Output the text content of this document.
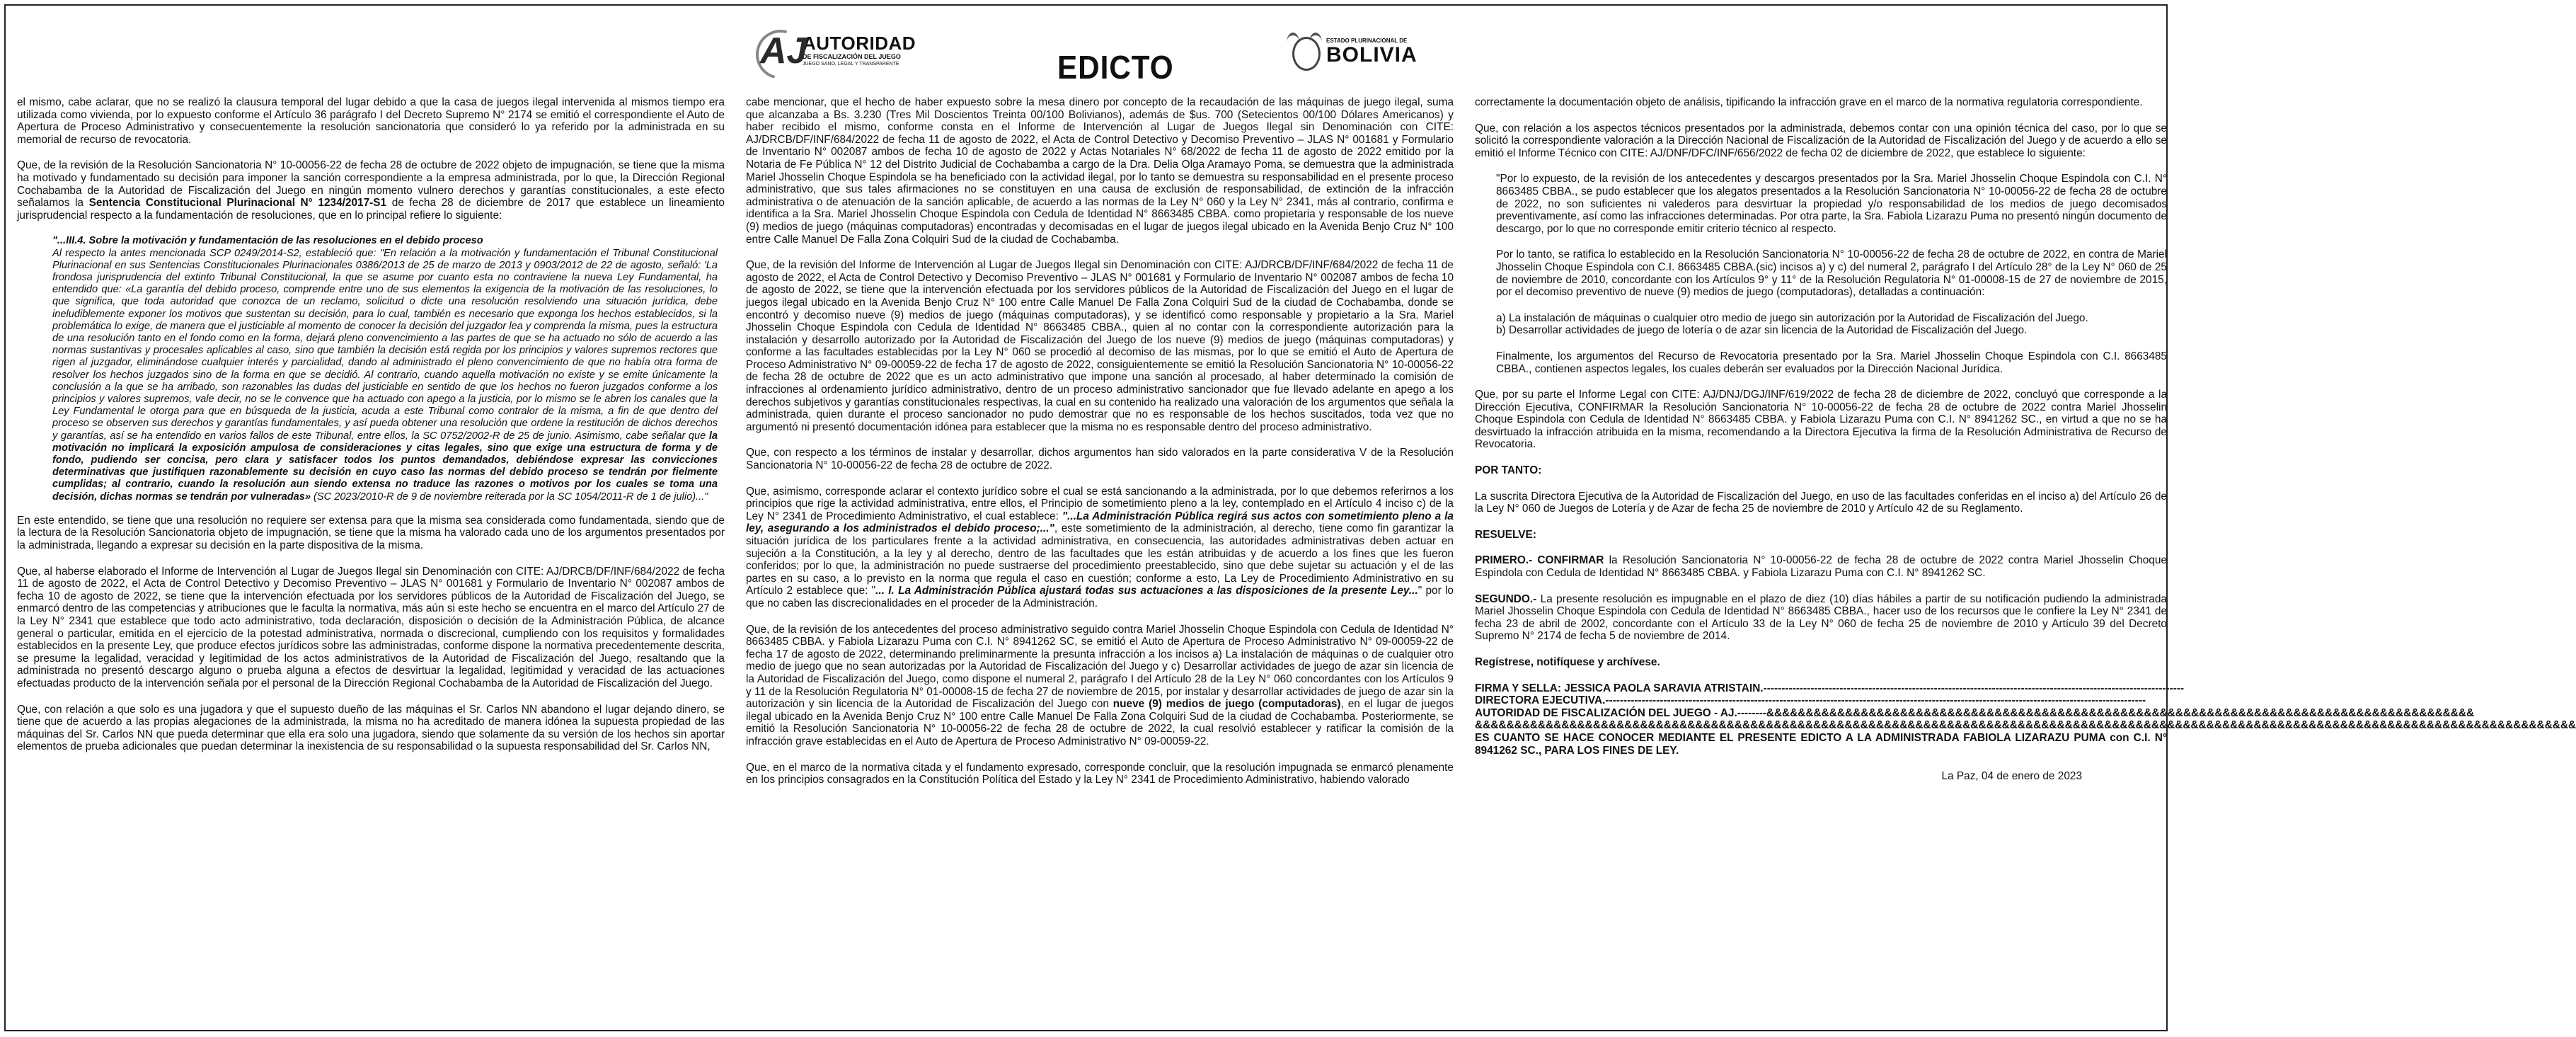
AJ
AUTORIDAD
DE FISCALIZACIÓN DEL JUEGO
JUEGO SANO, LEGAL Y TRANSPARENTE	EDICTO
ESTADO PLURINACIONAL DE
BOLIVIA

el mismo, cabe aclarar, que no se realizó la clausura temporal del lugar debido a que la casa de juegos ilegal intervenida al mismos tiempo era utilizada como vivienda, por lo expuesto conforme el Artículo 36 parágrafo I del Decreto Supremo N° 2174 se emitió el correspondiente el Auto de Apertura de Proceso Administrativo y consecuentemente la resolución sancionatoria que consideró lo ya referido por la administrada en su memorial de recurso de revocatoria.

Que, de la revisión de la Resolución Sancionatoria N° 10-00056-22 de fecha 28 de octubre de 2022 objeto de impugnación, se tiene que la misma ha motivado y fundamentado su decisión para imponer la sanción correspondiente a la empresa administrada, por lo que, la Dirección Regional Cochabamba de la Autoridad de Fiscalización del Juego en ningún momento vulnero derechos y garantías constitucionales, a este efecto señalamos la Sentencia Constitucional Plurinacional N° 1234/2017-S1 de fecha 28 de diciembre de 2017 que establece un lineamiento jurisprudencial respecto a la fundamentación de resoluciones, que en lo principal refiere lo siguiente:

"...III.4. Sobre la motivación y fundamentación de las resoluciones en el debido proceso
Al respecto la antes mencionada SCP 0249/2014-S2, estableció que: "En relación a la motivación y fundamentación el Tribunal Constitucional Plurinacional en sus Sentencias Constitucionales Plurinacionales 0386/2013 de 25 de marzo de 2013 y 0903/2012 de 22 de agosto, señaló: 'La frondosa jurisprudencia del extinto Tribunal Constitucional, la que se asume por cuanto esta no contraviene la nueva Ley Fundamental, ha entendido que: «La garantía del debido proceso, comprende entre uno de sus elementos la exigencia de la motivación de las resoluciones, lo que significa, que toda autoridad que conozca de un reclamo, solicitud o dicte una resolución resolviendo una situación jurídica, debe ineludiblemente exponer los motivos que sustentan su decisión, para lo cual, también es necesario que exponga los hechos establecidos, si la problemática lo exige, de manera que el justiciable al momento de conocer la decisión del juzgador lea y comprenda la misma, pues la estructura de una resolución tanto en el fondo como en la forma, dejará pleno convencimiento a las partes de que se ha actuado no sólo de acuerdo a las normas sustantivas y procesales aplicables al caso, sino que también la decisión está regida por los principios y valores supremos rectores que rigen al juzgador, eliminándose cualquier interés y parcialidad, dando al administrado el pleno convencimiento de que no había otra forma de resolver los hechos juzgados sino de la forma en que se decidió. Al contrario, cuando aquella motivación no existe y se emite únicamente la conclusión a la que se ha arribado, son razonables las dudas del justiciable en sentido de que los hechos no fueron juzgados conforme a los principios y valores supremos, vale decir, no se le convence que ha actuado con apego a la justicia, por lo mismo se le abren los canales que la Ley Fundamental le otorga para que en búsqueda de la justicia, acuda a este Tribunal como contralor de la misma, a fin de que dentro del proceso se observen sus derechos y garantías fundamentales, y así pueda obtener una resolución que ordene la restitución de dichos derechos y garantías, así se ha entendido en varios fallos de este Tribunal, entre ellos, la SC 0752/2002-R de 25 de junio. Asimismo, cabe señalar que la motivación no implicará la exposición ampulosa de consideraciones y citas legales, sino que exige una estructura de forma y de fondo, pudiendo ser concisa, pero clara y satisfacer todos los puntos demandados, debiéndose expresar las convicciones determinativas que justifiquen razonablemente su decisión en cuyo caso las normas del debido proceso se tendrán por fielmente cumplidas; al contrario, cuando la resolución aun siendo extensa no traduce las razones o motivos por los cuales se toma una decisión, dichas normas se tendrán por vulneradas» (SC 2023/2010-R de 9 de noviembre reiterada por la SC 1054/2011-R de 1 de julio)..."

En este entendido, se tiene que una resolución no requiere ser extensa para que la misma sea considerada como fundamentada, siendo que de la lectura de la Resolución Sancionatoria objeto de impugnación, se tiene que la misma ha valorado cada uno de los argumentos presentados por la administrada, llegando a expresar su decisión en la parte dispositiva de la misma.

Que, al haberse elaborado el Informe de Intervención al Lugar de Juegos Ilegal sin Denominación con CITE: AJ/DRCB/DF/INF/684/2022 de fecha 11 de agosto de 2022, el Acta de Control Detectivo y Decomiso Preventivo – JLAS N° 001681 y Formulario de Inventario N° 002087 ambos de fecha 10 de agosto de 2022, se tiene que la intervención efectuada por los servidores públicos de la Autoridad de Fiscalización del Juego, se enmarcó dentro de las competencias y atribuciones que le faculta la normativa, más aún si este hecho se encuentra en el marco del Artículo 27 de la Ley N° 2341 que establece que todo acto administrativo, toda declaración, disposición o decisión de la Administración Pública, de alcance general o particular, emitida en el ejercicio de la potestad administrativa, normada o discrecional, cumpliendo con los requisitos y formalidades establecidos en la presente Ley, que produce efectos jurídicos sobre las administradas, conforme dispone la normativa precedentemente descrita, se presume la legalidad, veracidad y legitimidad de los actos administrativos de la Autoridad de Fiscalización del Juego, resaltando que la administrada no presentó descargo alguno o prueba alguna a efectos de desvirtuar la legalidad, legitimidad y veracidad de las actuaciones efectuadas producto de la intervención señala por el personal de la Dirección Regional Cochabamba de la Autoridad de Fiscalización del Juego.

Que, con relación a que solo es una jugadora y que el supuesto dueño de las máquinas el Sr. Carlos NN abandono el lugar dejando dinero, se tiene que de acuerdo a las propias alegaciones de la administrada, la misma no ha acreditado de manera idónea la supuesta propiedad de las máquinas del Sr. Carlos NN que pueda determinar que ella era solo una jugadora, siendo que solamente da su versión de los hechos sin aportar elementos de prueba adicionales que puedan determinar la inexistencia de su responsabilidad o la supuesta responsabilidad del Sr. Carlos NN,

cabe mencionar, que el hecho de haber expuesto sobre la mesa dinero por concepto de la recaudación de las máquinas de juego ilegal, suma que alcanzaba a Bs. 3.230 (Tres Mil Doscientos Treinta 00/100 Bolivianos), además de $us. 700 (Setecientos 00/100 Dólares Americanos) y haber recibido el mismo, conforme consta en el Informe de Intervención al Lugar de Juegos Ilegal sin Denominación con CITE: AJ/DRCB/DF/INF/684/2022 de fecha 11 de agosto de 2022, el Acta de Control Detectivo y Decomiso Preventivo – JLAS N° 001681 y Formulario de Inventario N° 002087 ambos de fecha 10 de agosto de 2022 y Actas Notariales N° 68/2022 de fecha 11 de agosto de 2022 emitido por la Notaria de Fe Pública N° 12 del Distrito Judicial de Cochabamba a cargo de la Dra. Delia Olga Aramayo Poma, se demuestra que la administrada Mariel Jhosselin Choque Espindola se ha beneficiado con la actividad ilegal, por lo tanto se demuestra su responsabilidad en el presente proceso administrativo, que sus tales afirmaciones no se constituyen en una causa de exclusión de responsabilidad, de extinción de la infracción administrativa o de atenuación de la sanción aplicable, de acuerdo a las normas de la Ley N° 060 y la Ley N° 2341, más al contrario, confirma e identifica a la Sra. Mariel Jhosselin Choque Espindola con Cedula de Identidad N° 8663485 CBBA. como propietaria y responsable de los nueve (9) medios de juego (máquinas computadoras) encontradas y decomisadas en el lugar de juegos ilegal ubicado en la Avenida Benjo Cruz N° 100 entre Calle Manuel De Falla Zona Colquiri Sud de la ciudad de Cochabamba.

Que, de la revisión del Informe de Intervención al Lugar de Juegos Ilegal sin Denominación con CITE: AJ/DRCB/DF/INF/684/2022 de fecha 11 de agosto de 2022, el Acta de Control Detectivo y Decomiso Preventivo – JLAS N° 001681 y Formulario de Inventario N° 002087 ambos de fecha 10 de agosto de 2022, se tiene que la intervención efectuada por los servidores públicos de la Autoridad de Fiscalización del Juego en el lugar de juegos ilegal ubicado en la Avenida Benjo Cruz N° 100 entre Calle Manuel De Falla Zona Colquiri Sud de la ciudad de Cochabamba, donde se encontró y decomiso nueve (9) medios de juego (máquinas computadoras), y se identificó como responsable y propietario a la Sra. Mariel Jhosselin Choque Espindola con Cedula de Identidad N° 8663485 CBBA., quien al no contar con la correspondiente autorización para la instalación y desarrollo autorizado por la Autoridad de Fiscalización del Juego de los nueve (9) medios de juego (máquinas computadoras) y conforme a las facultades establecidas por la Ley N° 060 se procedió al decomiso de las mismas, por lo que se emitió el Auto de Apertura de Proceso Administrativo N° 09-00059-22 de fecha 17 de agosto de 2022, consiguientemente se emitió la Resolución Sancionatoria N° 10-00056-22 de fecha 28 de octubre de 2022 que es un acto administrativo que impone una sanción al procesado, al haber determinado la comisión de infracciones al ordenamiento jurídico administrativo, dentro de un proceso administrativo sancionador que fue llevado adelante en apego a los derechos subjetivos y garantías constitucionales respectivas, la cual en su contenido ha realizado una valoración de los argumentos que señala la administrada, quien durante el proceso sancionador no pudo demostrar que no es responsable de los hechos suscitados, toda vez que no argumentó ni presentó documentación idónea para establecer que la misma no es responsable dentro del proceso administrativo.

Que, con respecto a los términos de instalar y desarrollar, dichos argumentos han sido valorados en la parte considerativa V de la Resolución Sancionatoria N° 10-00056-22 de fecha 28 de octubre de 2022.

Que, asimismo, corresponde aclarar el contexto jurídico sobre el cual se está sancionando a la administrada, por lo que debemos referirnos a los principios que rige la actividad administrativa, entre ellos, el Principio de sometimiento pleno a la ley, contemplado en el Artículo 4 inciso c) de la Ley N° 2341 de Procedimiento Administrativo, el cual establece: "...La Administración Pública regirá sus actos con sometimiento pleno a la ley, asegurando a los administrados el debido proceso;...", este sometimiento de la administración, al derecho, tiene como fin garantizar la situación jurídica de los particulares frente a la actividad administrativa, en consecuencia, las autoridades administrativas deben actuar en sujeción a la Constitución, a la ley y al derecho, dentro de las facultades que les están atribuidas y de acuerdo a los fines que les fueron conferidos; por lo que, la administración no puede sustraerse del procedimiento preestablecido, sino que debe sujetar su actuación y el de las partes en su caso, a lo previsto en la norma que regula el caso en cuestión; conforme a esto, La Ley de Procedimiento Administrativo en su Artículo 2 establece que: "... I. La Administración Pública ajustará todas sus actuaciones a las disposiciones de la presente Ley..." por lo que no caben las discrecionalidades en el proceder de la Administración.

Que, de la revisión de los antecedentes del proceso administrativo seguido contra Mariel Jhosselin Choque Espindola con Cedula de Identidad N° 8663485 CBBA. y Fabiola Lizarazu Puma con C.I. N° 8941262 SC, se emitió el Auto de Apertura de Proceso Administrativo N° 09-00059-22 de fecha 17 de agosto de 2022, determinando preliminarmente la presunta infracción a los incisos a) La instalación de máquinas o de cualquier otro medio de juego que no sean autorizadas por la Autoridad de Fiscalización del Juego y c) Desarrollar actividades de juego de azar sin licencia de la Autoridad de Fiscalización del Juego, como dispone el numeral 2, parágrafo I del Artículo 28 de la Ley N° 060 concordantes con los Artículos 9 y 11 de la Resolución Regulatoria N° 01-00008-15 de fecha 27 de noviembre de 2015, por instalar y desarrollar actividades de juego de azar sin la autorización y sin licencia de la Autoridad de Fiscalización del Juego con nueve (9) medios de juego (computadoras), en el lugar de juegos ilegal ubicado en la Avenida Benjo Cruz N° 100 entre Calle Manuel De Falla Zona Colquiri Sud de la ciudad de Cochabamba. Posteriormente, se emitió la Resolución Sancionatoria N° 10-00056-22 de fecha 28 de octubre de 2022, la cual resolvió establecer y ratificar la comisión de la infracción grave establecidas en el Auto de Apertura de Proceso Administrativo N° 09-00059-22.

Que, en el marco de la normativa citada y el fundamento expresado, corresponde concluir, que la resolución impugnada se enmarcó plenamente en los principios consagrados en la Constitución Política del Estado y la Ley N° 2341 de Procedimiento Administrativo, habiendo valorado

correctamente la documentación objeto de análisis, tipificando la infracción grave en el marco de la normativa regulatoria correspondiente.

Que, con relación a los aspectos técnicos presentados por la administrada, debemos contar con una opinión técnica del caso, por lo que se solicitó la correspondiente valoración a la Dirección Nacional de Fiscalización de la Autoridad de Fiscalización del Juego y de acuerdo a ello se emitió el Informe Técnico con CITE: AJ/DNF/DFC/INF/656/2022 de fecha 02 de diciembre de 2022, que establece lo siguiente:

"Por lo expuesto, de la revisión de los antecedentes y descargos presentados por la Sra. Mariel Jhosselin Choque Espindola con C.I. N° 8663485 CBBA., se pudo establecer que los alegatos presentados a la Resolución Sancionatoria N° 10-00056-22 de fecha 28 de octubre de 2022, no son suficientes ni valederos para desvirtuar la propiedad y/o responsabilidad de los medios de juego decomisados preventivamente, así como las infracciones determinadas. Por otra parte, la Sra. Fabiola Lizarazu Puma no presentó ningún documento de descargo, por lo que no corresponde emitir criterio técnico al respecto.

Por lo tanto, se ratifica lo establecido en la Resolución Sancionatoria N° 10-00056-22 de fecha 28 de octubre de 2022, en contra de Mariel Jhosselin Choque Espindola con C.I. 8663485 CBBA.(sic) incisos a) y c) del numeral 2, parágrafo I del Artículo 28° de la Ley N° 060 de 25 de noviembre de 2010, concordante con los Artículos 9° y 11° de la Resolución Regulatoria N° 01-00008-15 de 27 de noviembre de 2015, por el decomiso preventivo de nueve (9) medios de juego (computadoras), detalladas a continuación:

a) La instalación de máquinas o cualquier otro medio de juego sin autorización por la Autoridad de Fiscalización del Juego.

b) Desarrollar actividades de juego de lotería o de azar sin licencia de la Autoridad de Fiscalización del Juego.

Finalmente, los argumentos del Recurso de Revocatoria presentado por la Sra. Mariel Jhosselin Choque Espindola con C.I. 8663485 CBBA., contienen aspectos legales, los cuales deberán ser evaluados por la Dirección Nacional Jurídica.

Que, por su parte el Informe Legal con CITE: AJ/DNJ/DGJ/INF/619/2022 de fecha 28 de diciembre de 2022, concluyó que corresponde a la Dirección Ejecutiva, CONFIRMAR la Resolución Sancionatoria N° 10-00056-22 de fecha 28 de octubre de 2022 contra Mariel Jhosselin Choque Espindola con Cedula de Identidad N° 8663485 CBBA. y Fabiola Lizarazu Puma con C.I. N° 8941262 SC., en virtud a que no se ha desvirtuado la infracción atribuida en la misma, recomendando a la Directora Ejecutiva la firma de la Resolución Administrativa de Recurso de Revocatoria.

POR TANTO:

La suscrita Directora Ejecutiva de la Autoridad de Fiscalización del Juego, en uso de las facultades conferidas en el inciso a) del Artículo 26 de la Ley N° 060 de Juegos de Lotería y de Azar de fecha 25 de noviembre de 2010 y Artículo 42 de su Reglamento.

RESUELVE:

PRIMERO.- CONFIRMAR la Resolución Sancionatoria N° 10-00056-22 de fecha 28 de octubre de 2022 contra Mariel Jhosselin Choque Espindola con Cedula de Identidad N° 8663485 CBBA. y Fabiola Lizarazu Puma con C.I. N° 8941262 SC.

SEGUNDO.- La presente resolución es impugnable en el plazo de diez (10) días hábiles a partir de su notificación pudiendo la administrada Mariel Jhosselin Choque Espindola con Cedula de Identidad N° 8663485 CBBA., hacer uso de los recursos que le confiere la Ley N° 2341 de fecha 23 de abril de 2002, concordante con el Artículo 33 de la Ley N° 060 de fecha 25 de noviembre de 2010 y Artículo 39 del Decreto Supremo N° 2174 de fecha 5 de noviembre de 2014.

Regístrese, notifíquese y archívese.

FIRMA Y SELLA: JESSICA PAOLA SARAVIA ATRISTAIN.--------------------------------------------------------------------------------------------------------------------

DIRECTORA EJECUTIVA.-----------------------------------------------------------------------------------------------------------------------------------------------------

AUTORIDAD DE FISCALIZACIÓN DEL JUEGO - AJ.--------&&&&&&&&&&&&&&&&&&&&&&&&&&&&&&&&&&&&&&&&&&&&&&&&&&&&&&&&&&&&&&&&&&&&&&&&&&&&&&&&&&&&&&&&&&

&&&&&&&&&&&&&&&&&&&&&&&&&&&&&&&&&&&&&&&&&&&&&&&&&&&&&&&&&&&&&&&&&&&&&&&&&&&&&&&&&&&&&&&&&&&&&&&&&&&&&&&&&&&&&&&&&&&&&&&&&&&&&&&&&&&&&&&&&&&&

ES CUANTO SE HACE CONOCER MEDIANTE EL PRESENTE EDICTO A LA ADMINISTRADA FABIOLA LIZARAZU PUMA con C.I. N° 8941262 SC., PARA LOS FINES DE LEY.

La Paz, 04 de enero de 2023
